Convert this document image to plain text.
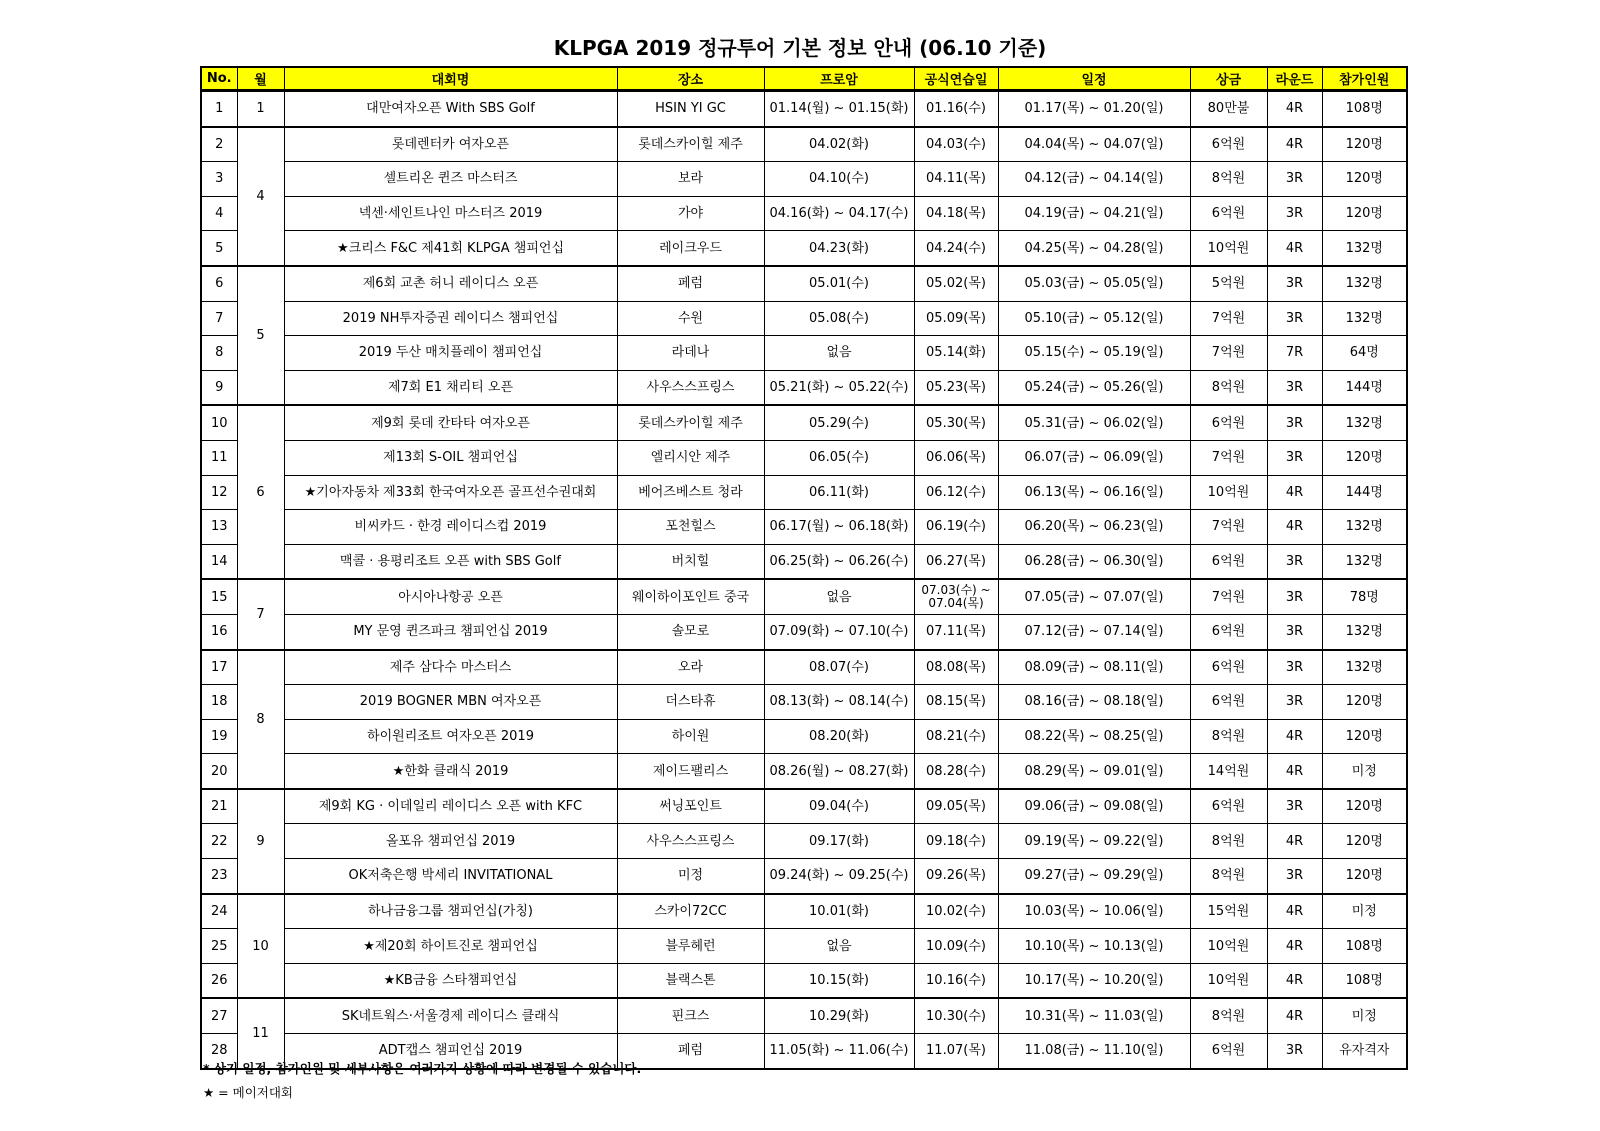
KLPGA 2019 정규투어 기본 정보 안내 (06.10 기준)
No.	월	대회명	장소	프로암	공식연습일	일정	상금	라운드	참가인원
1	1	대만여자오픈 With SBS Golf	HSIN YI GC	01.14(월) ~ 01.15(화)	01.16(수)	01.17(목) ~ 01.20(일)	80만불	4R	108명
2	4	롯데렌터카 여자오픈	롯데스카이힐 제주	04.02(화)	04.03(수)	04.04(목) ~ 04.07(일)	6억원	4R	120명
3		셀트리온 퀸즈 마스터즈	보라	04.10(수)	04.11(목)	04.12(금) ~ 04.14(일)	8억원	3R	120명
4		넥센·세인트나인 마스터즈 2019	가야	04.16(화) ~ 04.17(수)	04.18(목)	04.19(금) ~ 04.21(일)	6억원	3R	120명
5		★크리스 F&C 제41회 KLPGA 챔피언십	레이크우드	04.23(화)	04.24(수)	04.25(목) ~ 04.28(일)	10억원	4R	132명
6	5	제6회 교촌 허니 레이디스 오픈	페럼	05.01(수)	05.02(목)	05.03(금) ~ 05.05(일)	5억원	3R	132명
7		2019 NH투자증권 레이디스 챔피언십	수원	05.08(수)	05.09(목)	05.10(금) ~ 05.12(일)	7억원	3R	132명
8		2019 두산 매치플레이 챔피언십	라데나	없음	05.14(화)	05.15(수) ~ 05.19(일)	7억원	7R	64명
9		제7회 E1 채리티 오픈	사우스스프링스	05.21(화) ~ 05.22(수)	05.23(목)	05.24(금) ~ 05.26(일)	8억원	3R	144명
10	6	제9회 롯데 칸타타 여자오픈	롯데스카이힐 제주	05.29(수)	05.30(목)	05.31(금) ~ 06.02(일)	6억원	3R	132명
11		제13회 S-OIL 챔피언십	엘리시안 제주	06.05(수)	06.06(목)	06.07(금) ~ 06.09(일)	7억원	3R	120명
12		★기아자동차 제33회 한국여자오픈 골프선수권대회	베어즈베스트 청라	06.11(화)	06.12(수)	06.13(목) ~ 06.16(일)	10억원	4R	144명
13		비씨카드 · 한경 레이디스컵 2019	포천힐스	06.17(월) ~ 06.18(화)	06.19(수)	06.20(목) ~ 06.23(일)	7억원	4R	132명
14		맥콜 · 용평리조트 오픈 with SBS Golf	버치힐	06.25(화) ~ 06.26(수)	06.27(목)	06.28(금) ~ 06.30(일)	6억원	3R	132명
15	7	아시아나항공 오픈	웨이하이포인트 중국	없음	07.03(수) ~ 07.04(목)	07.05(금) ~ 07.07(일)	7억원	3R	78명
16		MY 문영 퀸즈파크 챔피언십 2019	솔모로	07.09(화) ~ 07.10(수)	07.11(목)	07.12(금) ~ 07.14(일)	6억원	3R	132명
17	8	제주 삼다수 마스터스	오라	08.07(수)	08.08(목)	08.09(금) ~ 08.11(일)	6억원	3R	132명
18		2019 BOGNER MBN 여자오픈	더스타휴	08.13(화) ~ 08.14(수)	08.15(목)	08.16(금) ~ 08.18(일)	6억원	3R	120명
19		하이원리조트 여자오픈 2019	하이원	08.20(화)	08.21(수)	08.22(목) ~ 08.25(일)	8억원	4R	120명
20		★한화 클래식 2019	제이드팰리스	08.26(월) ~ 08.27(화)	08.28(수)	08.29(목) ~ 09.01(일)	14억원	4R	미정
21	9	제9회 KG · 이데일리 레이디스 오픈 with KFC	써닝포인트	09.04(수)	09.05(목)	09.06(금) ~ 09.08(일)	6억원	3R	120명
22		올포유 챔피언십 2019	사우스스프링스	09.17(화)	09.18(수)	09.19(목) ~ 09.22(일)	8억원	4R	120명
23		OK저축은행 박세리 INVITATIONAL	미정	09.24(화) ~ 09.25(수)	09.26(목)	09.27(금) ~ 09.29(일)	8억원	3R	120명
24	10	하나금융그룹 챔피언십(가칭)	스카이72CC	10.01(화)	10.02(수)	10.03(목) ~ 10.06(일)	15억원	4R	미정
25		★제20회 하이트진로 챔피언십	블루헤런	없음	10.09(수)	10.10(목) ~ 10.13(일)	10억원	4R	108명
26		★KB금융 스타챔피언십	블랙스톤	10.15(화)	10.16(수)	10.17(목) ~ 10.20(일)	10억원	4R	108명
27	11	SK네트웍스·서울경제 레이디스 클래식	핀크스	10.29(화)	10.30(수)	10.31(목) ~ 11.03(일)	8억원	4R	미정
28		ADT캡스 챔피언십 2019	페럼	11.05(화) ~ 11.06(수)	11.07(목)	11.08(금) ~ 11.10(일)	6억원	3R	유자격자
* 상기 일정, 참가인원 및 세부사항은 여러가지 상황에 따라 변경될 수 있습니다.
★ = 메이저대회
